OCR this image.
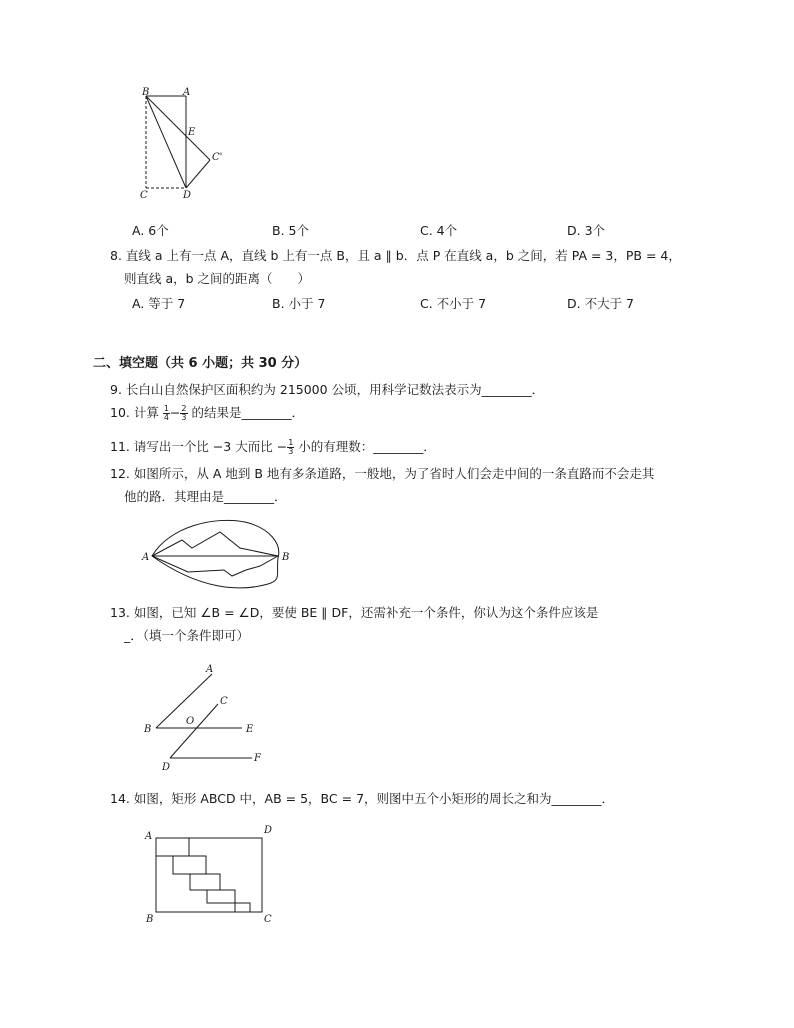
B	A
E
C'
C	D
A. 6个	B. 5个	C. 4个	D. 3个
8. 直线 a 上有一点 A，直线 b 上有一点 B，且 a ∥ b．点 P 在直线 a，b 之间，若 PA = 3，PB = 4，
则直线 a，b 之间的距离（　　）
A. 等于 7	B. 小于 7	C. 不小于 7	D. 不大于 7
二、填空题（共 6 小题；共 30 分）
9. 长白山自然保护区面积约为 215000 公顷，用科学记数法表示为________．
10. 计算 $\frac{1}{4} - \frac{2}{3}$ 的结果是________．
11. 请写出一个比 −3 大而比 − $\frac{1}{3}$ 小的有理数：________．
12. 如图所示，从 A 地到 B 地有多条道路，一般地，为了省时人们会走中间的一条直路而不会走其
他的路．其理由是________．
A	B
13. 如图，已知 ∠B = ∠D，要使 BE ∥ DF，还需补充一个条件，你认为这个条件应该是
_．（填一个条件即可）
A
C
O
B	E
D
F
14. 如图，矩形 ABCD 中，AB = 5，BC = 7，则图中五个小矩形的周长之和为________．
A
D
B	C
